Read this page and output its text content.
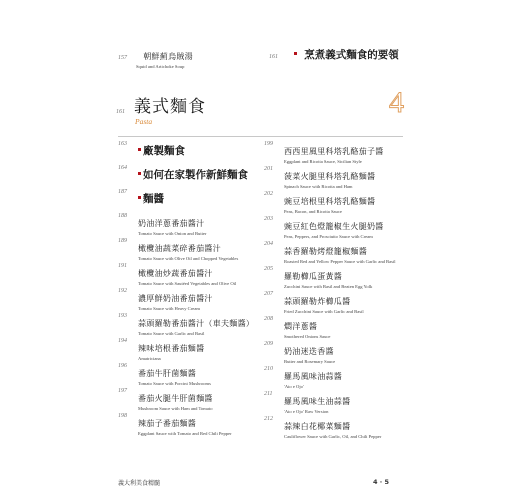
157 朝鮮薊烏賊湯
Squid and Artichoke Soup
161	烹煮義式麵食的要領
161 義式麵食
Pasta
4
163
廠製麵食
164
如何在家製作新鮮麵食
187
麵醬
188
奶油洋蔥番茄醬汁
Tomato Sauce with Onion and Butter
189
橄欖油蔬菜碎番茄醬汁
Tomato Sauce with Olive Oil and Chopped Vegetables
191
橄欖油炒蔬番茄醬汁
Tomato Sauce with Sautéed Vegetables and Olive Oil
192
濃厚鮮奶油番茄醬汁
Tomato Sauce with Heavy Cream
193
蒜頭羅勒番茄醬汁（車夫麵醬）
Tomato Sauce with Garlic and Basil
194
辣味培根番茄麵醬
Amatriciana
196
番茄牛肝菌麵醬
Tomato Sauce with Porcini Mushrooms
197
番茄火腿牛肝菌麵醬
Mushroom Sauce with Ham and Tomato
198
辣茄子番茄麵醬
Eggplant Sauce with Tomato and Red Chili Pepper
199
西西里風里科塔乳酪茄子醬
Eggplant and Ricotta Sauce, Sicilian Style
201
菠菜火腿里科塔乳酪麵醬
Spinach Sauce with Ricotta and Ham
202
豌豆培根里科塔乳酪麵醬
Peas, Bacon, and Ricotta Sauce
203
豌豆紅色燈籠椒生火腿奶醬
Peas, Peppers, and Prosciutto Sauce with Cream
204
蒜香羅勒烤燈籠椒麵醬
Roasted Red and Yellow Pepper Sauce with Garlic and Basil
205
羅勒櫛瓜蛋黃醬
Zucchini Sauce with Basil and Beaten Egg Yolk
207
蒜頭羅勒炸櫛瓜醬
Fried Zucchini Sauce with Garlic and Basil
208
燜洋蔥醬
Smothered Onions Sauce
209
奶油迷迭香醬
Butter and Rosemary Sauce
210
羅馬風味油蒜醬
'Aio e Ojo'
211
羅馬風味生油蒜醬
'Aio e Ojo' Raw Version
212
蒜辣白花椰菜麵醬
Cauliflower Sauce with Garlic, Oil, and Chili Pepper
義大利美食精髓	4 · 5
